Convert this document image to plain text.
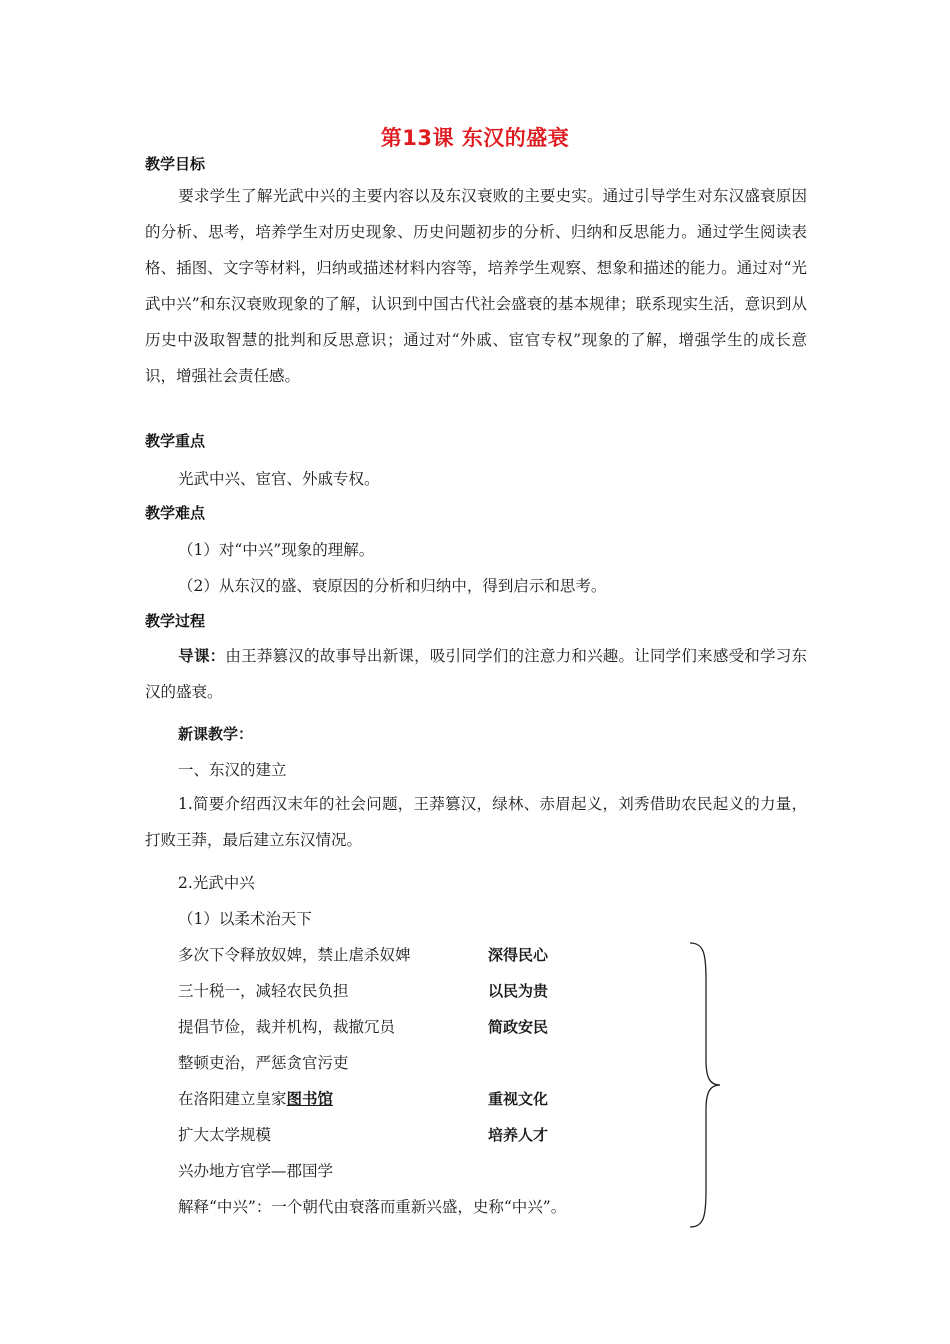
第13课 东汉的盛衰
教学目标
要求学生了解光武中兴的主要内容以及东汉衰败的主要史实。通过引导学生对东汉盛衰原因的分析、思考，培养学生对历史现象、历史问题初步的分析、归纳和反思能力。通过学生阅读表格、插图、文字等材料，归纳或描述材料内容等，培养学生观察、想象和描述的能力。通过对“光武中兴”和东汉衰败现象的了解，认识到中国古代社会盛衰的基本规律；联系现实生活，意识到从历史中汲取智慧的批判和反思意识；通过对“外戚、宦官专权”现象的了解，增强学生的成长意识，增强社会责任感。
教学重点
光武中兴、宦官、外戚专权。
教学难点
（1）对“中兴”现象的理解。
（2）从东汉的盛、衰原因的分析和归纳中，得到启示和思考。
教学过程
导课：由王莽篡汉的故事导出新课，吸引同学们的注意力和兴趣。让同学们来感受和学习东汉的盛衰。
新课教学：
一、东汉的建立
1.简要介绍西汉末年的社会问题，王莽篡汉，绿林、赤眉起义，刘秀借助农民起义的力量，打败王莽，最后建立东汉情况。
2.光武中兴
（1）以柔术治天下
多次下令释放奴婢，禁止虐杀奴婢	深得民心
三十税一，减轻农民负担	以民为贵
提倡节俭，裁并机构，裁撤冗员	简政安民
整顿吏治，严惩贪官污吏
在洛阳建立皇家图书馆	重视文化
扩大太学规模	培养人才
兴办地方官学—郡国学
解释“中兴”：一个朝代由衰落而重新兴盛，史称“中兴”。
